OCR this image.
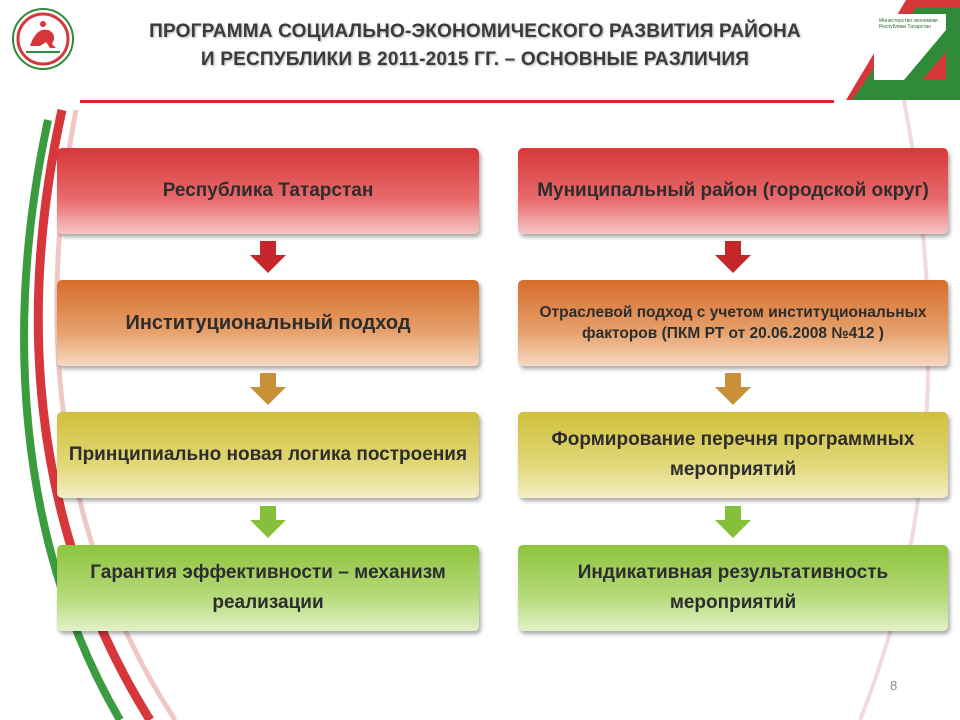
Министерство экономики
Республики Татарстан
ПРОГРАММА СОЦИАЛЬНО-ЭКОНОМИЧЕСКОГО РАЗВИТИЯ РАЙОНА
И РЕСПУБЛИКИ В 2011-2015 ГГ. – ОСНОВНЫЕ РАЗЛИЧИЯ
Республика Татарстан
Институциональный подход
Принципиально новая логика построения
Гарантия эффективности – механизм реализации
Муниципальный район (городской округ)
Отраслевой подход с учетом институциональных факторов (ПКМ РТ от 20.06.2008 №412 )
Формирование перечня программных мероприятий
Индикативная результативность мероприятий
8
